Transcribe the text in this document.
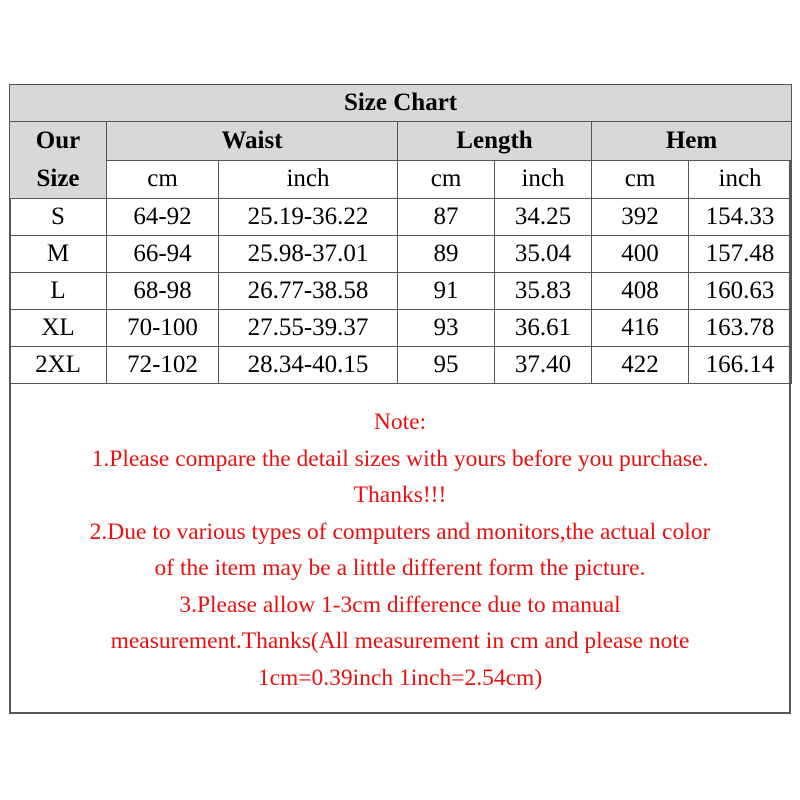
Size Chart						
Our
Size	Waist		Length		Hem	
	cm	inch	cm	inch	cm	inch
S	64-92	25.19-36.22	87	34.25	392	154.33
M	66-94	25.98-37.01	89	35.04	400	157.48
L	68-98	26.77-38.58	91	35.83	408	160.63
XL	70-100	27.55-39.37	93	36.61	416	163.78
2XL	72-102	28.34-40.15	95	37.40	422	166.14
Note:
1.Please compare the detail sizes with yours before you purchase.
Thanks!!!
2.Due to various types of computers and monitors,the actual color
of the item may be a little different form the picture.
3.Please allow 1-3cm difference due to manual
measurement.Thanks(All measurement in cm and please note
1cm=0.39inch 1inch=2.54cm)
